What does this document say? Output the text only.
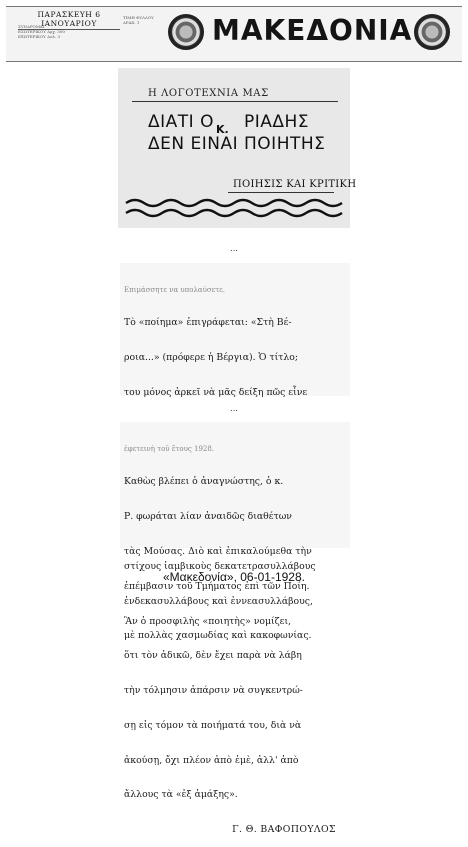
ΠΑΡΑΣΚΕΥΗ 6 ΙΑΝΟΥΑΡΙΟΥ
ΣΥΝΔΡΟΜΑΙ
ΕΣΩΤΕΡΙΚΟΥ Δρχ. 300
ΕΞΩΤΕΡΙΚΟΥ Δολ. 3
ΤΙΜΗ ΦΥΛΛΟΥ
ΔΡΑΧ. 1	ΜΑΚΕΔΟΝΙΑ
Η ΛΟΓΟΤΕΧΝΙΑ ΜΑΣ
ΔΙΑΤΙ Ο Κ. ΡΙΑΔΗΣ
ΔΕΝ ΕΙΝΑΙ ΠΟΙΗΤΗΣ
ΠΟΙΗΣΙΣ ΚΑΙ ΚΡΙΤΙΚΗ
...

Επιμάσσητε να υπολαύσετε.

Τὸ «ποίημα» ἐπιγράφεται: «Στὴ Βέ-

ροια...» (πρόφερε ἡ Βέργια). Ὁ τίτλο;

του μόνος ἀρκεῖ νὰ μᾶς δείξη πῶς εἶνε

στίχους ἰαμβικοὺς δεκατετρασυλλάβους

ἐνδεκασυλλάβους καὶ ἐννεασυλλάβους,

μὲ πολλὰς χασμωδίας καὶ κακοφωνίας.

...

ἐφετεινὴ τοῦ ἔτους 1928.

Καθὼς βλέπει ὁ ἀναγνώστης, ὁ κ.

Ρ. φωράται λίαν ἀναιδῶς διαθέτων

τὰς Μούσας. Διὸ καὶ ἐπικαλούμεθα τὴν

ἐπέμβασιν τοῦ Τμήματος ἐπὶ τῶν Ποίη.

Ἂν ὁ προσφιλὴς «ποιητὴς» νομίζει,

ὅτι τὸν ἀδικῶ, δὲν ἔχει παρὰ νὰ λάβη

τὴν τόλμησιν ἀπάρσιν νὰ συγκεντρώ-

σῃ εἰς τόμον τὰ ποιήματά του, διὰ νὰ

ἀκούσῃ, ὄχι πλέον ἀπὸ ἐμὲ, ἀλλ' ἀπὸ

ἄλλους τὰ «ἐξ ἀμάξης».

Γ. Θ. ΒΑΦΟΠΟΥΛΟΣ

«Μακεδονία», 06-01-1928.
